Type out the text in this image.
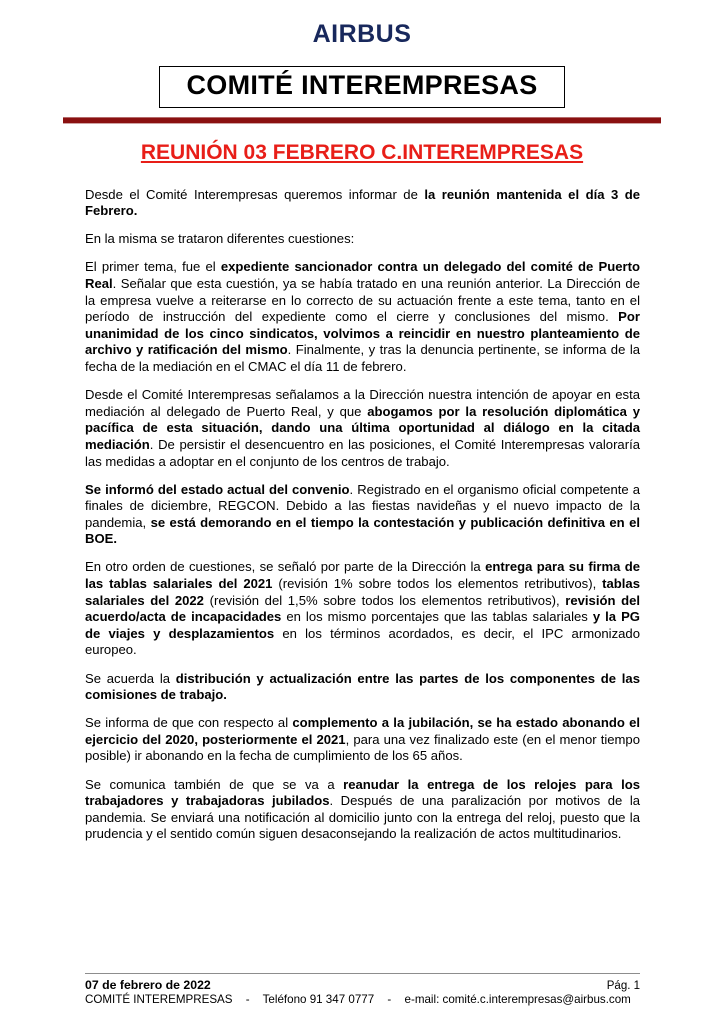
AIRBUS
COMITÉ INTEREMPRESAS
REUNIÓN 03 FEBRERO C.INTEREMPRESAS

Desde el Comité Interempresas queremos informar de la reunión mantenida el día 3 de Febrero.

En la misma se trataron diferentes cuestiones:

El primer tema, fue el expediente sancionador contra un delegado del comité de Puerto Real. Señalar que esta cuestión, ya se había tratado en una reunión anterior. La Dirección de la empresa vuelve a reiterarse en lo correcto de su actuación frente a este tema, tanto en el período de instrucción del expediente como el cierre y conclusiones del mismo. Por unanimidad de los cinco sindicatos, volvimos a reincidir en nuestro planteamiento de archivo y ratificación del mismo. Finalmente, y tras la denuncia pertinente, se informa de la fecha de la mediación en el CMAC el día 11 de febrero.

Desde el Comité Interempresas señalamos a la Dirección nuestra intención de apoyar en esta mediación al delegado de Puerto Real, y que abogamos por la resolución diplomática y pacífica de esta situación, dando una última oportunidad al diálogo en la citada mediación. De persistir el desencuentro en las posiciones, el Comité Interempresas valoraría las medidas a adoptar en el conjunto de los centros de trabajo.

Se informó del estado actual del convenio. Registrado en el organismo oficial competente a finales de diciembre, REGCON. Debido a las fiestas navideñas y el nuevo impacto de la pandemia, se está demorando en el tiempo la contestación y publicación definitiva en el BOE.

En otro orden de cuestiones, se señaló por parte de la Dirección la entrega para su firma de las tablas salariales del 2021 (revisión 1% sobre todos los elementos retributivos), tablas salariales del 2022 (revisión del 1,5% sobre todos los elementos retributivos), revisión del acuerdo/acta de incapacidades en los mismo porcentajes que las tablas salariales y la PG de viajes y desplazamientos en los términos acordados, es decir, el IPC armonizado europeo.

Se acuerda la distribución y actualización entre las partes de los componentes de las comisiones de trabajo.

Se informa de que con respecto al complemento a la jubilación, se ha estado abonando el ejercicio del 2020, posteriormente el 2021, para una vez finalizado este (en el menor tiempo posible) ir abonando en la fecha de cumplimiento de los 65 años.

Se comunica también de que se va a reanudar la entrega de los relojes para los trabajadores y trabajadoras jubilados. Después de una paralización por motivos de la pandemia. Se enviará una notificación al domicilio junto con la entrega del reloj, puesto que la prudencia y el sentido común siguen desaconsejando la realización de actos multitudinarios.

07 de febrero de 2022	Pág. 1
COMITÉ INTEREMPRESAS - Teléfono 91 347 0777 - e-mail: comité.c.interempresas@airbus.com
